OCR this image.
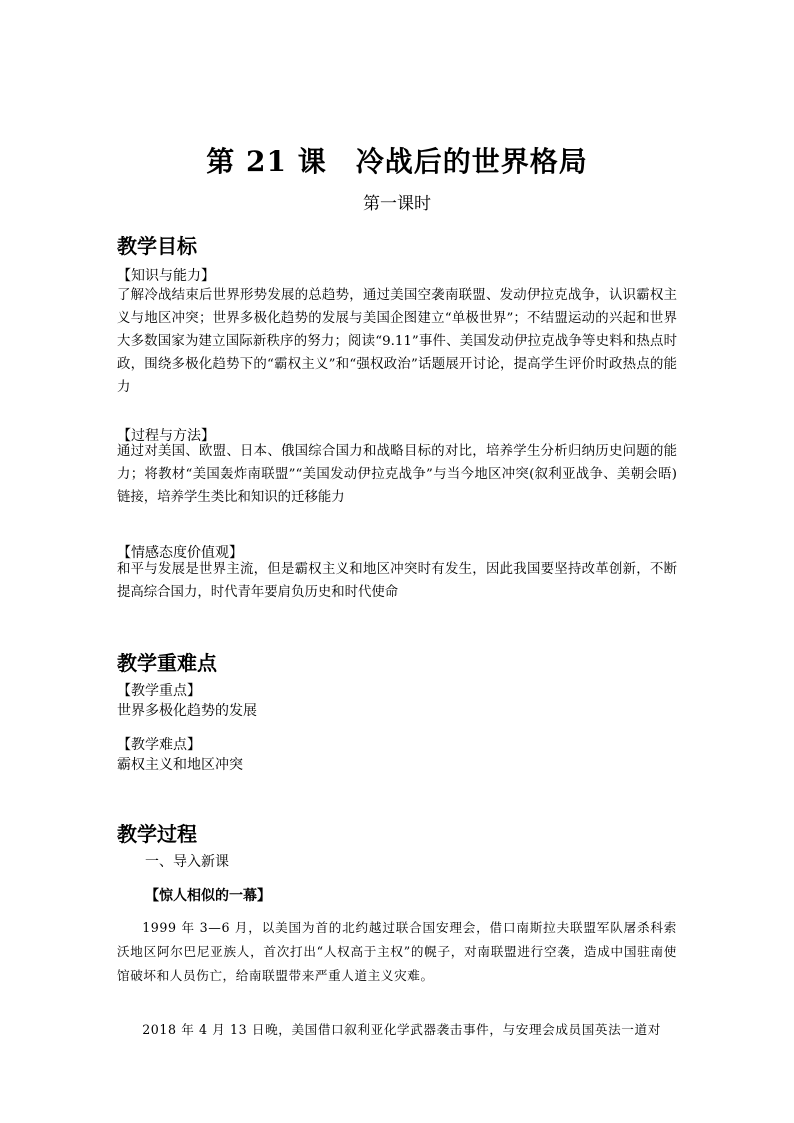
第 21 课　冷战后的世界格局
第一课时
教学目标
【知识与能力】
了解冷战结束后世界形势发展的总趋势，通过美国空袭南联盟、发动伊拉克战争，认识霸权主义与地区冲突；世界多极化趋势的发展与美国企图建立“单极世界”；不结盟运动的兴起和世界大多数国家为建立国际新秩序的努力；阅读“9.11”事件、美国发动伊拉克战争等史料和热点时政，围绕多极化趋势下的“霸权主义”和“强权政治”话题展开讨论，提高学生评价时政热点的能力
【过程与方法】
通过对美国、欧盟、日本、俄国综合国力和战略目标的对比，培养学生分析归纳历史问题的能力；将教材“美国轰炸南联盟”“美国发动伊拉克战争”与当今地区冲突(叙利亚战争、美朝会晤)链接，培养学生类比和知识的迁移能力
【情感态度价值观】
和平与发展是世界主流，但是霸权主义和地区冲突时有发生，因此我国要坚持改革创新，不断提高综合国力，时代青年要肩负历史和时代使命
教学重难点
【教学重点】
世界多极化趋势的发展
【教学难点】
霸权主义和地区冲突
教学过程
一、导入新课
【惊人相似的一幕】
1999 年 3—6 月，以美国为首的北约越过联合国安理会，借口南斯拉夫联盟军队屠杀科索沃地区阿尔巴尼亚族人，首次打出“人权高于主权”的幌子，对南联盟进行空袭，造成中国驻南使馆破坏和人员伤亡，给南联盟带来严重人道主义灾难。
2018 年 4 月 13 日晚，美国借口叙利亚化学武器袭击事件，与安理会成员国英法一道对
